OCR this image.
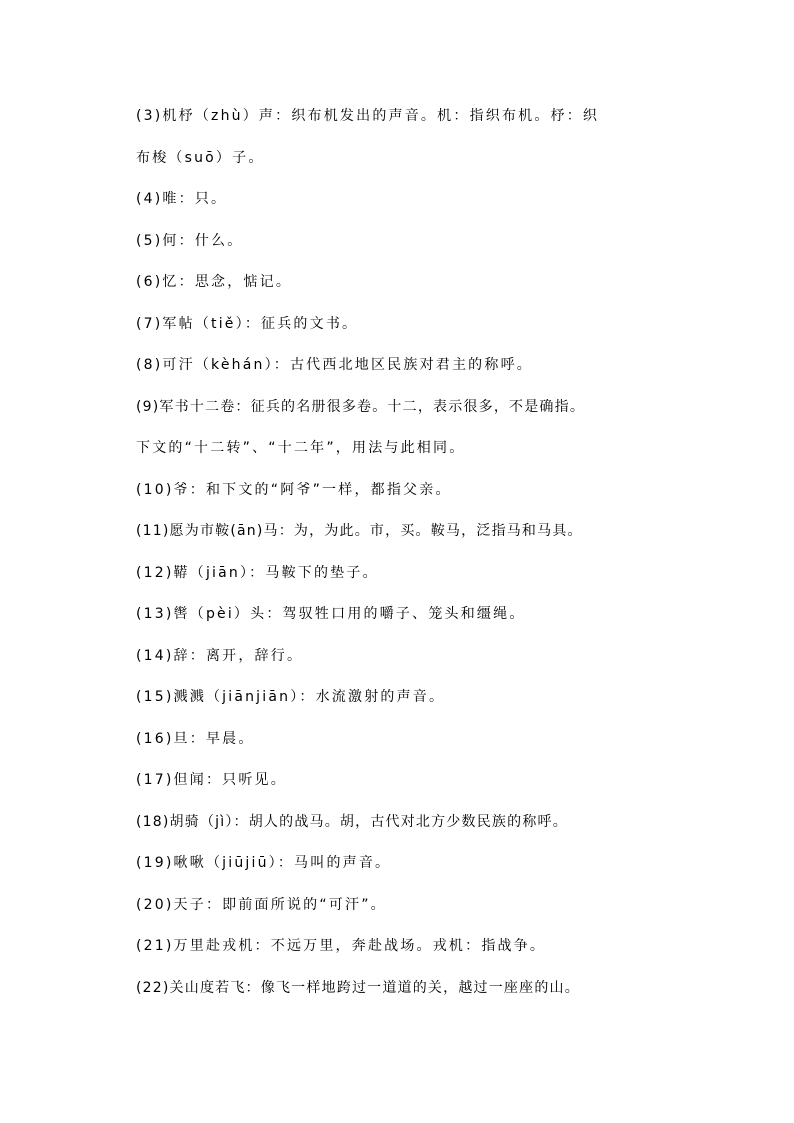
(3)机杼（zhù）声：织布机发出的声音。机：指织布机。杼：织
布梭（suō）子。
(4)唯：只。
(5)何：什么。
(6)忆：思念，惦记。
(7)军帖（tiě）：征兵的文书。
(8)可汗（kèhán）：古代西北地区民族对君主的称呼。
(9)军书十二卷：征兵的名册很多卷。十二，表示很多，不是确指。
下文的“十二转”、“十二年”，用法与此相同。
(10)爷：和下文的“阿爷”一样，都指父亲。
(11)愿为市鞍(ān)马：为，为此。市，买。鞍马，泛指马和马具。
(12)鞯（jiān）：马鞍下的垫子。
(13)辔（pèi）头：驾驭牲口用的嚼子、笼头和缰绳。
(14)辞：离开，辞行。
(15)溅溅（jiānjiān）：水流激射的声音。
(16)旦：早晨。
(17)但闻：只听见。
(18)胡骑（jì）：胡人的战马。胡，古代对北方少数民族的称呼。
(19)啾啾（jiūjiū）：马叫的声音。
(20)天子：即前面所说的“可汗”。
(21)万里赴戎机：不远万里，奔赴战场。戎机：指战争。
(22)关山度若飞：像飞一样地跨过一道道的关，越过一座座的山。
